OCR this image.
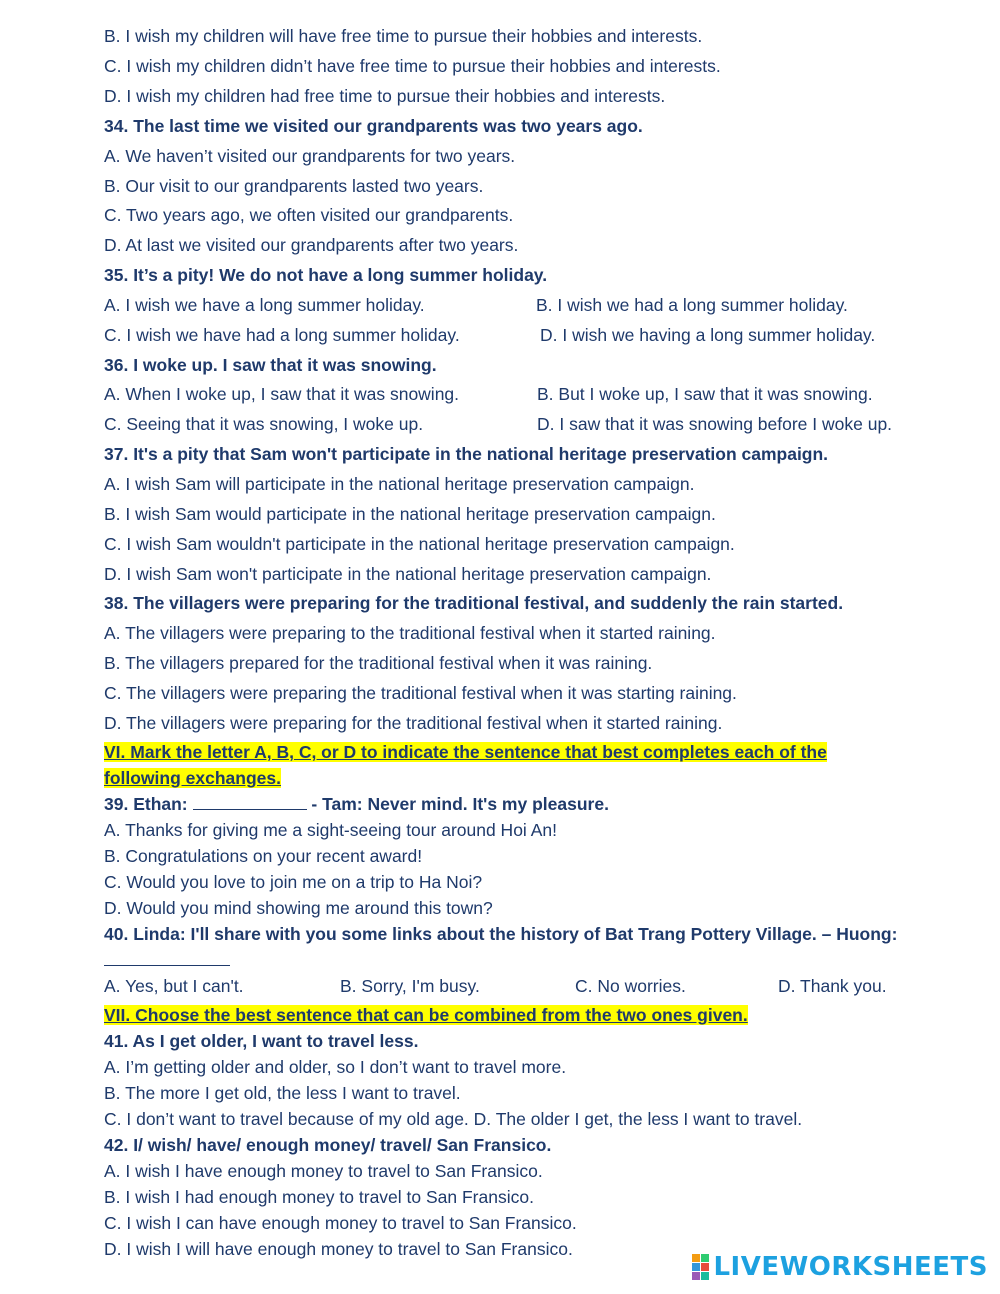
B. I wish my children will have free time to pursue their hobbies and interests.
C. I wish my children didn’t have free time to pursue their hobbies and interests.
D. I wish my children had free time to pursue their hobbies and interests.
34. The last time we visited our grandparents was two years ago.
A. We haven’t visited our grandparents for two years.
B. Our visit to our grandparents lasted two years.
C. Two years ago, we often visited our grandparents.
D. At last we visited our grandparents after two years.
35. It’s a pity! We do not have a long summer holiday.
A. I wish we have a long summer holiday.	B. I wish we had a long summer holiday.
C. I wish we have had a long summer holiday.	D. I wish we having a long summer holiday.
36. I woke up. I saw that it was snowing.
A. When I woke up, I saw that it was snowing.	B. But I woke up, I saw that it was snowing.
C. Seeing that it was snowing, I woke up.	D. I saw that it was snowing before I woke up.
37. It's a pity that Sam won't participate in the national heritage preservation campaign.
A. I wish Sam will participate in the national heritage preservation campaign.
B. I wish Sam would participate in the national heritage preservation campaign.
C. I wish Sam wouldn't participate in the national heritage preservation campaign.
D. I wish Sam won't participate in the national heritage preservation campaign.
38. The villagers were preparing for the traditional festival, and suddenly the rain started.
A. The villagers were preparing to the traditional festival when it started raining.
B. The villagers prepared for the traditional festival when it was raining.
C. The villagers were preparing the traditional festival when it was starting raining.
D. The villagers were preparing for the traditional festival when it started raining.
VI. Mark the letter A, B, C, or D to indicate the sentence that best completes each of the
following exchanges.
39. Ethan:	- Tam: Never mind. It's my pleasure.
A. Thanks for giving me a sight-seeing tour around Hoi An!
B. Congratulations on your recent award!
C. Would you love to join me on a trip to Ha Noi?
D. Would you mind showing me around this town?
40. Linda: I'll share with you some links about the history of Bat Trang Pottery Village. – Huong:
A. Yes, but I can't.	B. Sorry, I'm busy.	C. No worries.	D. Thank you.
VII. Choose the best sentence that can be combined from the two ones given.
41. As I get older, I want to travel less.
A. I’m getting older and older, so I don’t want to travel more.
B. The more I get old, the less I want to travel.
C. I don’t want to travel because of my old age. D. The older I get, the less I want to travel.
42. I/ wish/ have/ enough money/ travel/ San Fransico.
A. I wish I have enough money to travel to San Fransico.
B. I wish I had enough money to travel to San Fransico.
C. I wish I can have enough money to travel to San Fransico.
D. I wish I will have enough money to travel to San Fransico.
LIVEWORKSHEETS
